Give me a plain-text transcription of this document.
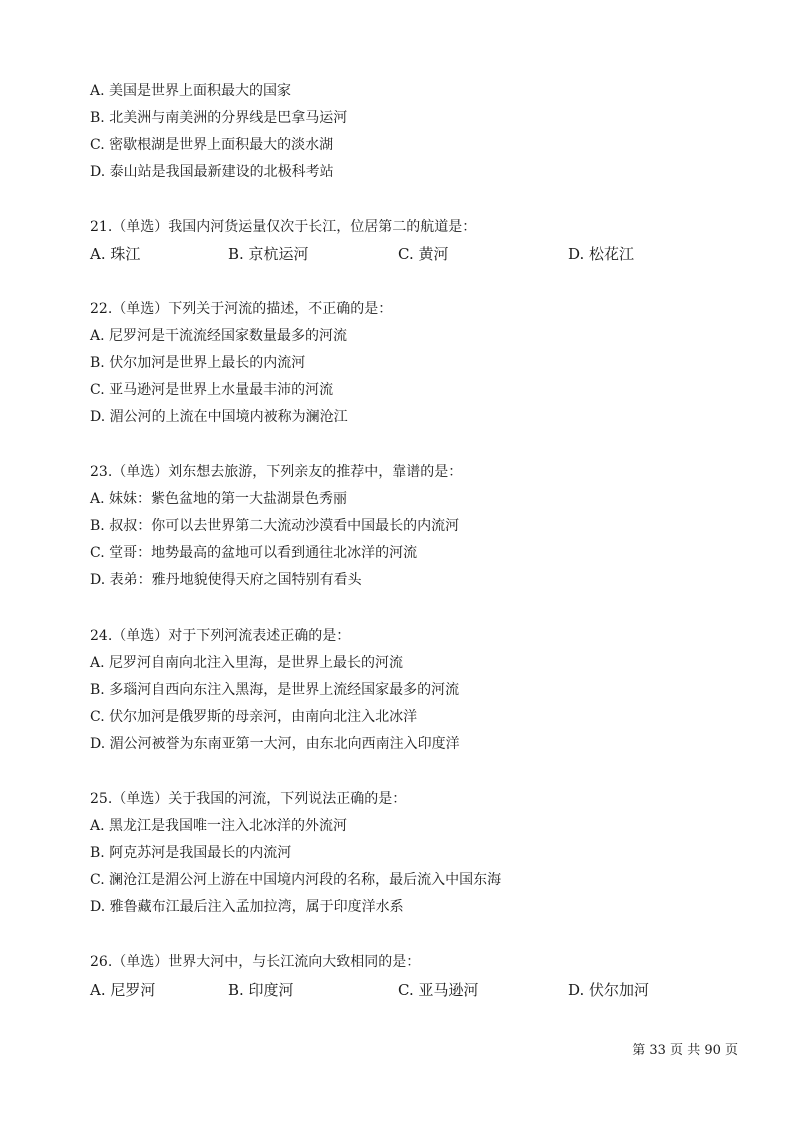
A. 美国是世界上面积最大的国家
B. 北美洲与南美洲的分界线是巴拿马运河
C. 密歇根湖是世界上面积最大的淡水湖
D. 泰山站是我国最新建设的北极科考站
21.（单选）我国内河货运量仅次于长江，位居第二的航道是：
A. 珠江	B. 京杭运河	C. 黄河	D. 松花江
22.（单选）下列关于河流的描述，不正确的是：
A. 尼罗河是干流流经国家数量最多的河流
B. 伏尔加河是世界上最长的内流河
C. 亚马逊河是世界上水量最丰沛的河流
D. 湄公河的上流在中国境内被称为澜沧江
23.（单选）刘东想去旅游，下列亲友的推荐中，靠谱的是：
A. 妹妹：紫色盆地的第一大盐湖景色秀丽
B. 叔叔：你可以去世界第二大流动沙漠看中国最长的内流河
C. 堂哥：地势最高的盆地可以看到通往北冰洋的河流
D. 表弟：雅丹地貌使得天府之国特别有看头
24.（单选）对于下列河流表述正确的是：
A. 尼罗河自南向北注入里海，是世界上最长的河流
B. 多瑙河自西向东注入黑海，是世界上流经国家最多的河流
C. 伏尔加河是俄罗斯的母亲河，由南向北注入北冰洋
D. 湄公河被誉为东南亚第一大河，由东北向西南注入印度洋
25.（单选）关于我国的河流，下列说法正确的是：
A. 黑龙江是我国唯一注入北冰洋的外流河
B. 阿克苏河是我国最长的内流河
C. 澜沧江是湄公河上游在中国境内河段的名称，最后流入中国东海
D. 雅鲁藏布江最后注入孟加拉湾，属于印度洋水系
26.（单选）世界大河中，与长江流向大致相同的是：
A. 尼罗河	B. 印度河	C. 亚马逊河	D. 伏尔加河
第 33 页 共 90 页
